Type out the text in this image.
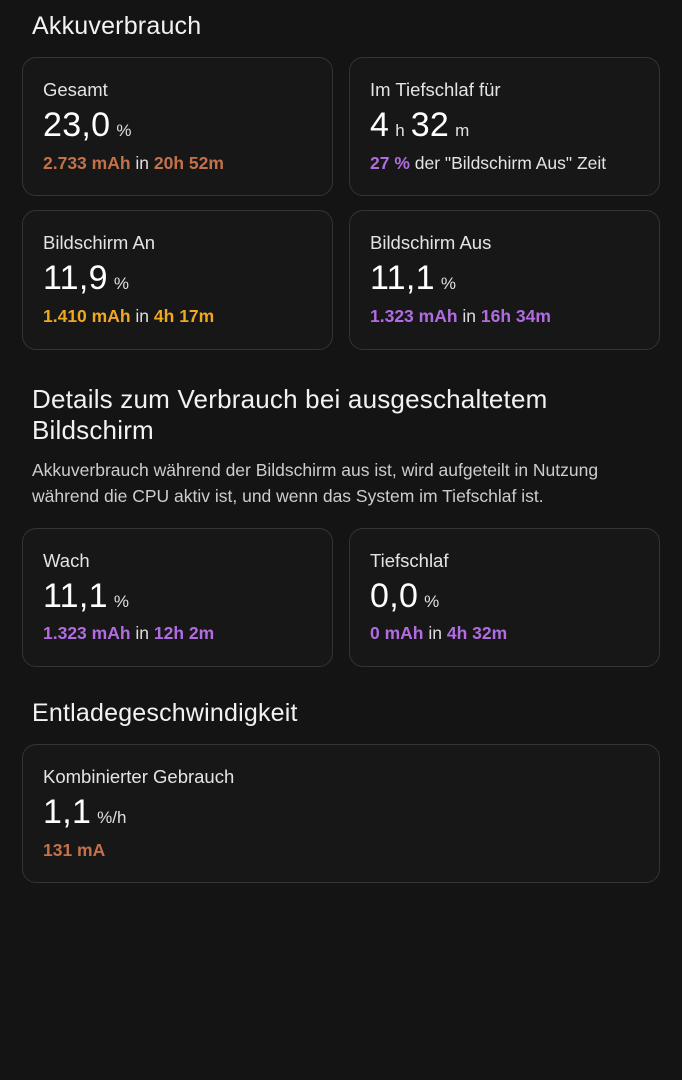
Akkuverbrauch
Gesamt
23,0 %
2.733 mAh in 20h 52m
Im Tiefschlaf für
4 h 32 m
27 % der "Bildschirm Aus" Zeit
Bildschirm An
11,9 %
1.410 mAh in 4h 17m
Bildschirm Aus
11,1 %
1.323 mAh in 16h 34m
Details zum Verbrauch bei ausgeschaltetem Bildschirm

Akkuverbrauch während der Bildschirm aus ist, wird aufgeteilt in Nutzung während die CPU aktiv ist, und wenn das System im Tiefschlaf ist.

Wach
11,1 %
1.323 mAh in 12h 2m
Tiefschlaf
0,0 %
0 mAh in 4h 32m
Entladegeschwindigkeit
Kombinierter Gebrauch
1,1 %/h
131 mA
